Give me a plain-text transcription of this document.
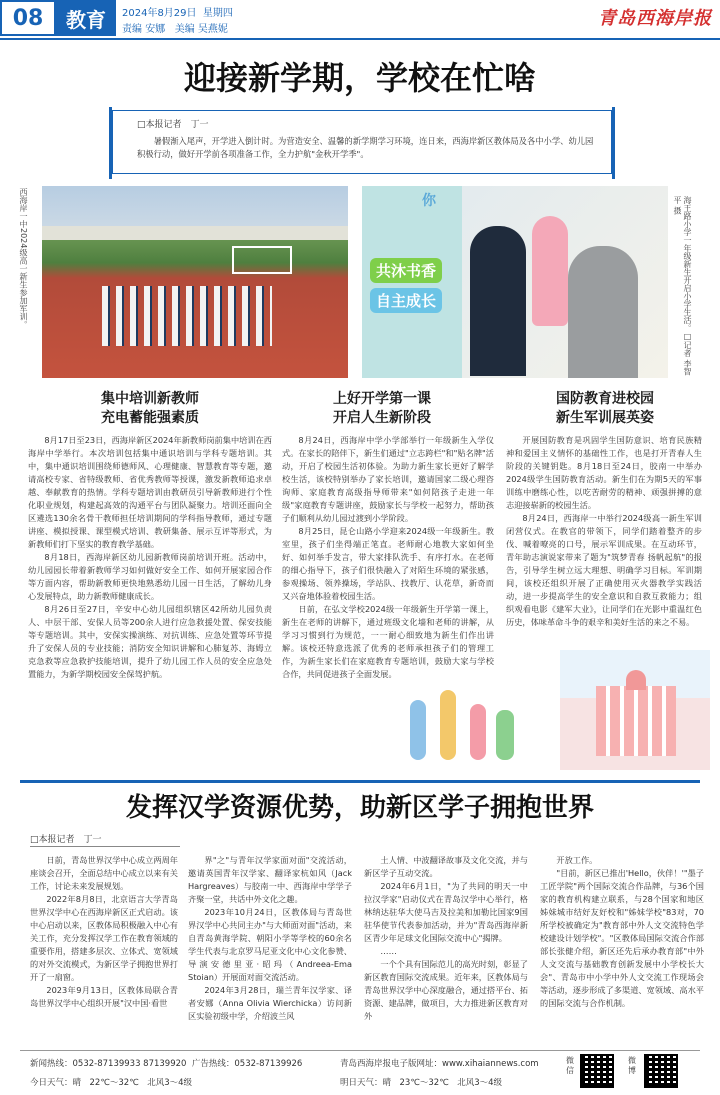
08	教育	2024年8月29日 星期四
责编 安娜 美编 吴燕妮
青岛西海岸报
迎接新学期，学校在忙啥
□本报记者　丁一
暑假渐入尾声，开学进入倒计时。为营造安全、温馨的新学期学习环境，连日来，西海岸新区教体局及各中小学、幼儿园积极行动，做好开学前各项准备工作，全力护航"金秋开学季"。
西海岸一中2024级高一新生参加军训。	共沐书香
自主成长
你	海王路小学一年级新生开启小学生活。□记者 李智平 摄
集中培训新教师
充电蓄能强素质

8月17日至23日，西海岸新区2024年新教师岗前集中培训在西海岸中学举行。本次培训包括集中通识培训与学科专题培训。其中，集中通识培训围绕师德师风、心理健康、智慧教育等专题，邀请高校专家、省特级教师、省优秀教师等授课，激发新教师追求卓越、奉献教育的热情。学科专题培训由教研员引导新教师进行个性化职业规划，构建起高效的沟通平台与团队凝聚力。培训还面向全区遴选130余名骨干教师担任培训期间的学科指导教师，通过专题讲座、模拟授课、课型模式培训、教研集备、展示互评等形式，为新教师们打下坚实的教育教学基础。

8月18日，西海岸新区幼儿园新教师岗前培训开班。活动中，幼儿园园长带着新教师学习如何做好安全工作、如何开展家园合作等方面内容，帮助新教师更快地熟悉幼儿园一日生活，了解幼儿身心发展特点，助力新教师健康成长。

8月26日至27日，辛安中心幼儿园组织辖区42所幼儿园负责人、中层干部、安保人员等200余人进行应急救援处置、保安技能等专题培训。其中，安保实操演练、对抗训练、应急处置等环节提升了安保人员的专业技能；消防安全知识讲解和心肺复苏、海姆立克急救等应急救护技能培训，提升了幼儿园工作人员的安全应急处置能力，为新学期校园安全保驾护航。

上好开学第一课
开启人生新阶段

8月24日，西海岸中学小学部举行一年级新生入学仪式。在家长的陪伴下，新生们通过"立志跨栏"和"贴名牌"活动，开启了校园生活初体验。为助力新生家长更好了解学校生活，该校特别举办了家长培训，邀请国家二级心理咨询师、家庭教育高级指导师带来"如何陪孩子走进一年级"家庭教育专题讲座，鼓励家长与学校一起努力，帮助孩子们顺利从幼儿园过渡到小学阶段。

8月25日，昆仑山路小学迎来2024级一年级新生。教室里，孩子们坐得端正笔直。老师耐心地教大家如何坐好、如何举手发言，带大家排队洗手、有序打水。在老师的细心指导下，孩子们很快融入了对陌生环境的紧张感，参观操场、领养操场，学站队、找教厅、认花草，新奇而又兴奋地体验着校园生活。

日前，在弘文学校2024级一年级新生开学第一课上，新生在老师的讲解下，通过班级文化墙和老师的讲解，从学习习惯到行为规范，一一耐心细致地为新生们作出讲解。该校还特意选派了优秀的老师承担孩子们的管理工作，为新生家长们在家庭教育专题培训，鼓励大家与学校合作，共同促进孩子全面发展。

国防教育进校园
新生军训展英姿

开展国防教育是巩固学生国防意识、培育民族精神和爱国主义情怀的基础性工作，也是打开青春人生阶段的关键钥匙。8月18日至24日，胶南一中举办2024级学生国防教育活动。新生们在为期5天的军事训练中磨练心性，以吃苦耐劳的精神、顽强拼搏的意志迎接崭新的校园生活。

8月24日，西海岸一中举行2024级高一新生军训闭营仪式。在教官的带领下，同学们踏着整齐的步伐、喊着嘹亮的口号，展示军训成果。在互动环节，青年助志演说家带来了题为"筑梦青春 扬帆起航"的报告，引导学生树立远大理想、明确学习目标。军训期间，该校还组织开展了正确使用灭火器教学实践活动，进一步提高学生的安全意识和自救互救能力；组织观看电影《建军大业》，让同学们在光影中重温红色历史，体味革命斗争的艰辛和美好生活的来之不易。

发挥汉学资源优势，助新区学子拥抱世界
□本报记者　丁一

日前，青岛世界汉学中心成立两周年座谈会召开，全面总结中心成立以来有关工作，讨论未来发展规划。

2022年8月8日，北京语言大学青岛世界汉学中心在西海岸新区正式启动。该中心启动以来，区教体局积极融入中心有关工作，充分发挥汉学工作在教育领域的重要作用，搭建多层次、立体式、宽领域的对外交流模式，为新区学子拥抱世界打开了一扇窗。

2023年9月13日，区教体局联合青岛世界汉学中心组织开展"汉中国·看世

界"之"与青年汉学家面对面"交流活动，邀请英国青年汉学家、翻译家杭如风（Jack Hargreaves）与胶南一中、西海岸中学学子齐聚一堂，共话中外文化之趣。

2023年10月24日，区教体局与青岛世界汉学中心共同主办"与大师面对面"活动，来自青岛黄海学院、朝阳小学等学校的60余名学生代表与北京罗马尼亚文化中心文化参赞、导演安德里亚·昭玛（Andreea-Ema Stoian）开展面对面交流活动。

2024年3月28日，瑞兰青年汉学家、译者安娜（Anna Olivia Wierchicka）访问新区实验初级中学，介绍波兰风

土人情、中波翻译故事及文化交流，并与新区学子互动交流。

2024年6月1日，"为了共同的明天一中拉汉学家"启动仪式在青岛汉学中心举行，格林纳达驻华大使马吉及拉美和加勒比国家9国驻华使节代表参加活动，并为"青岛西海岸新区青少年足球文化国际交流中心"揭牌。

……

一个个具有国际范儿的高光时刻，彰显了新区教育国际交流成果。近年来，区教体局与青岛世界汉学中心深度融合，通过搭平台、拓资源、建品牌，做项目，大力推进新区教育对外

开放工作。

"目前，新区已推出'Hello，伙伴！'"墨子工匠学院"两个国际交流合作品牌，与36个国家的教育机构建立联系，与28个国家和地区姊妹城市结好友好校和"姊妹学校"83对，70所学校被确定为"教育部中外人文交流特色学校建设计划学校"。"区教体局国际交流合作部部长张健介绍，新区还先后承办教育部"中外人文交流与基础教育创新发展中小学校长大会"、青岛市中小学中外人文交流工作现场会等活动，逐步形成了多渠道、宽领域、高水平的国际交流与合作机制。

新闻热线：0532-87139933 87139920 广告热线：0532-87139926
今日天气：晴　22℃～32℃　北风3～4级
青岛西海岸报电子版网址：www.xihaiannews.com
明日天气：晴　23℃～32℃　北风3～4级
微信
微博
